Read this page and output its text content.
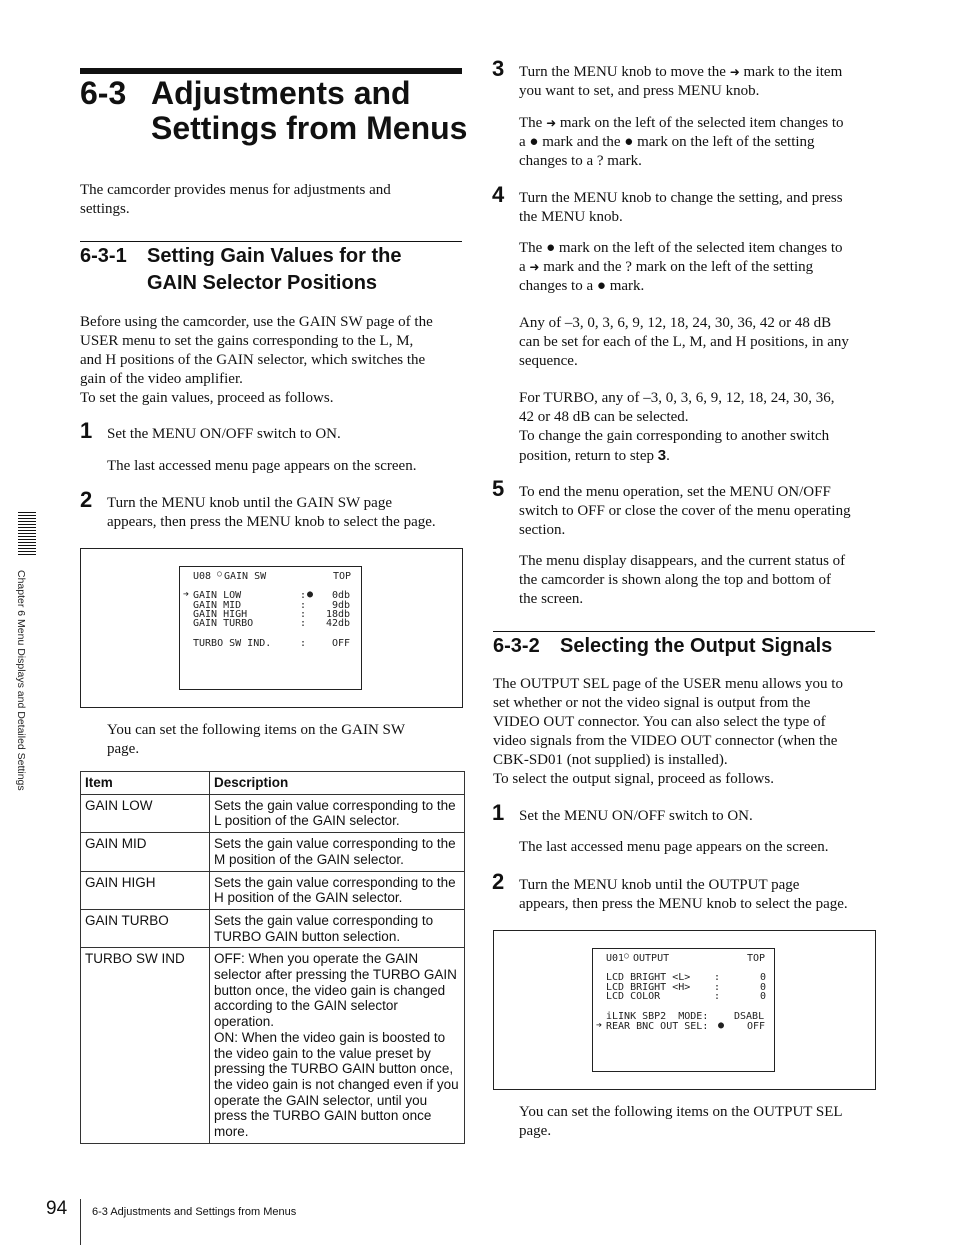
Chapter 6 Menu Displays and Detailed Settings
6-3 Adjustments and
Settings from Menus
The camcorder provides menus for adjustments and
settings.
6-3-1 Setting Gain Values for the
GAIN Selector Positions
Before using the camcorder, use the GAIN SW page of the
USER menu to set the gains corresponding to the L, M,
and H positions of the GAIN selector, which switches the
gain of the video amplifier.
To set the gain values, proceed as follows.
1 Set the MENU ON/OFF switch to ON.
The last accessed menu page appears on the screen.
2 Turn the MENU knob until the GAIN SW page
appears, then press the MENU knob to select the page.
U08 ○ GAIN SW	TOP
➔ GAIN LOW	: ● 0db
GAIN MID	:	9db
GAIN HIGH	: 18db
GAIN TURBO	: 42db
TURBO SW IND.	:	OFF
You can set the following items on the GAIN SW
page.
Item	Description
GAIN LOW	Sets the gain value corresponding to the L position of the GAIN selector.
GAIN MID	Sets the gain value corresponding to the M position of the GAIN selector.
GAIN HIGH	Sets the gain value corresponding to the H position of the GAIN selector.
GAIN TURBO	Sets the gain value corresponding to TURBO GAIN button selection.
TURBO SW IND	OFF: When you operate the GAIN selector after pressing the TURBO GAIN button once, the video gain is changed according to the GAIN selector operation.
ON: When the video gain is boosted to the video gain to the value preset by pressing the TURBO GAIN button once, the video gain is not changed even if you operate the GAIN selector, until you press the TURBO GAIN button once more.
3 Turn the MENU knob to move the ➜ mark to the item
you want to set, and press MENU knob.
The ➜ mark on the left of the selected item changes to
a ● mark and the ● mark on the left of the setting
changes to a ? mark.
4 Turn the MENU knob to change the setting, and press
the MENU knob.
The ● mark on the left of the selected item changes to
a ➜ mark and the ? mark on the left of the setting
changes to a ● mark.
Any of –3, 0, 3, 6, 9, 12, 18, 24, 30, 36, 42 or 48 dB
can be set for each of the L, M, and H positions, in any
sequence.
For TURBO, any of –3, 0, 3, 6, 9, 12, 18, 24, 30, 36,
42 or 48 dB can be selected.
To change the gain corresponding to another switch
position, return to step 3.
5 To end the menu operation, set the MENU ON/OFF
switch to OFF or close the cover of the menu operating
section.
The menu display disappears, and the current status of
the camcorder is shown along the top and bottom of
the screen.
6-3-2 Selecting the Output Signals
The OUTPUT SEL page of the USER menu allows you to
set whether or not the video signal is output from the
VIDEO OUT connector. You can also select the type of
video signals from the VIDEO OUT connector (when the
CBK-SD01 (not supplied) is installed).
To select the output signal, proceed as follows.
1 Set the MENU ON/OFF switch to ON.
The last accessed menu page appears on the screen.
2 Turn the MENU knob until the OUTPUT page
appears, then press the MENU knob to select the page.
U01 ○ OUTPUT	TOP
LCD BRIGHT <L> :	0
LCD BRIGHT <H> :	0
LCD COLOR	:	0
iLINK SBP2  MODE:	DSABL
➔ REAR BNC OUT SEL: ● OFF
You can set the following items on the OUTPUT SEL
page.
94 6-3 Adjustments and Settings from Menus
